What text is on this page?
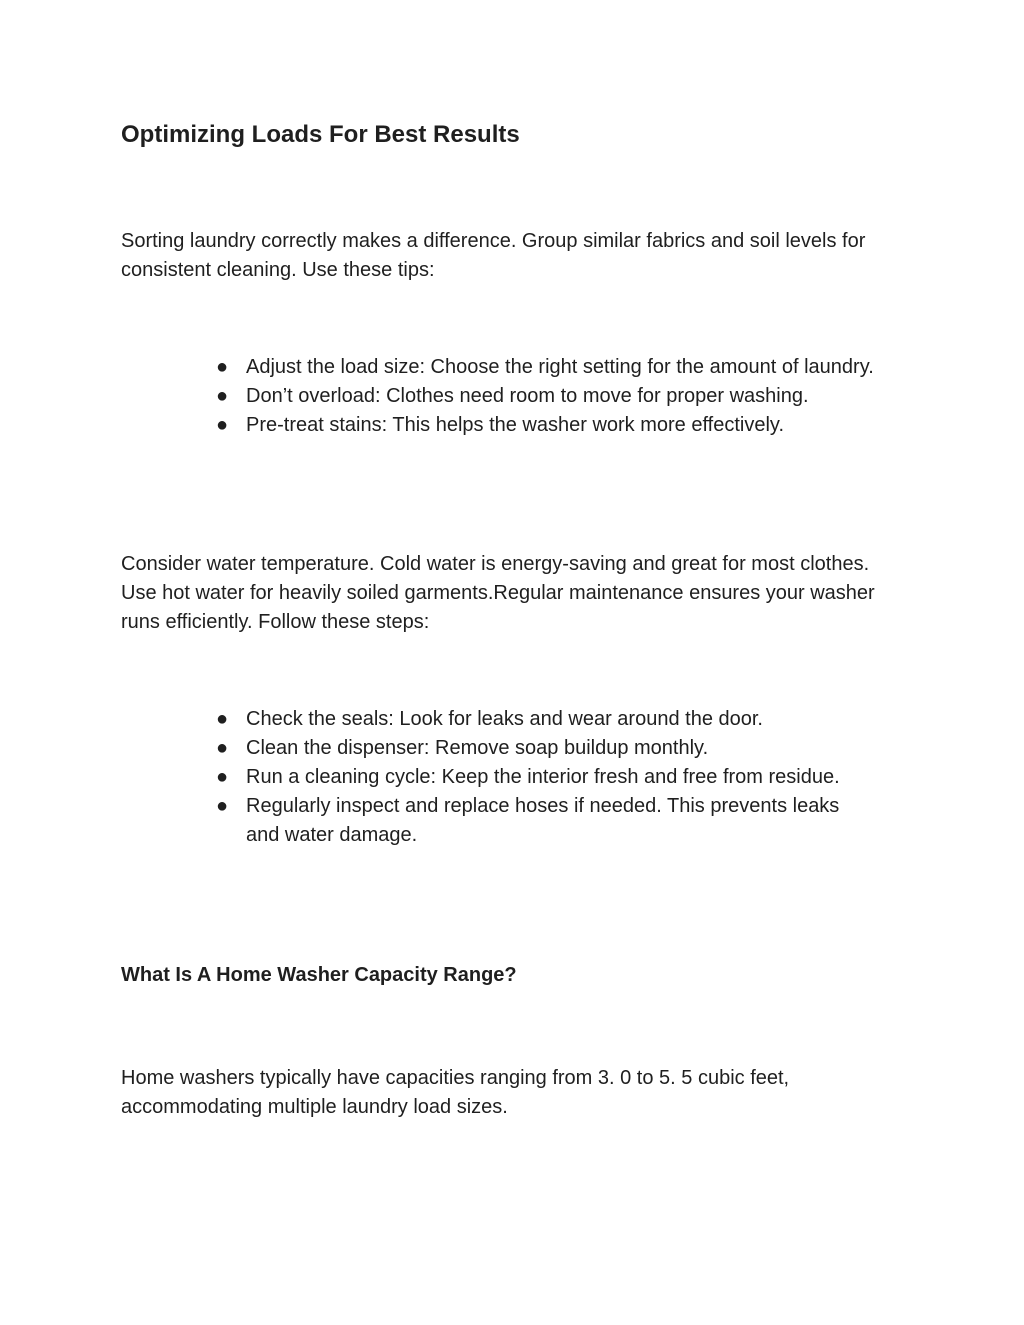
Optimizing Loads For Best Results

Sorting laundry correctly makes a difference. Group similar fabrics and soil levels for consistent cleaning. Use these tips:

● Adjust the load size: Choose the right setting for the amount of laundry.
● Don’t overload: Clothes need room to move for proper washing.
● Pre-treat stains: This helps the washer work more effectively.

Consider water temperature. Cold water is energy-saving and great for most clothes. Use hot water for heavily soiled garments.Regular maintenance ensures your washer runs efficiently. Follow these steps:

● Check the seals: Look for leaks and wear around the door.
● Clean the dispenser: Remove soap buildup monthly.
● Run a cleaning cycle: Keep the interior fresh and free from residue.
● Regularly inspect and replace hoses if needed. This prevents leaks and water damage.
What Is A Home Washer Capacity Range?

Home washers typically have capacities ranging from 3. 0 to 5. 5 cubic feet, accommodating multiple laundry load sizes.
